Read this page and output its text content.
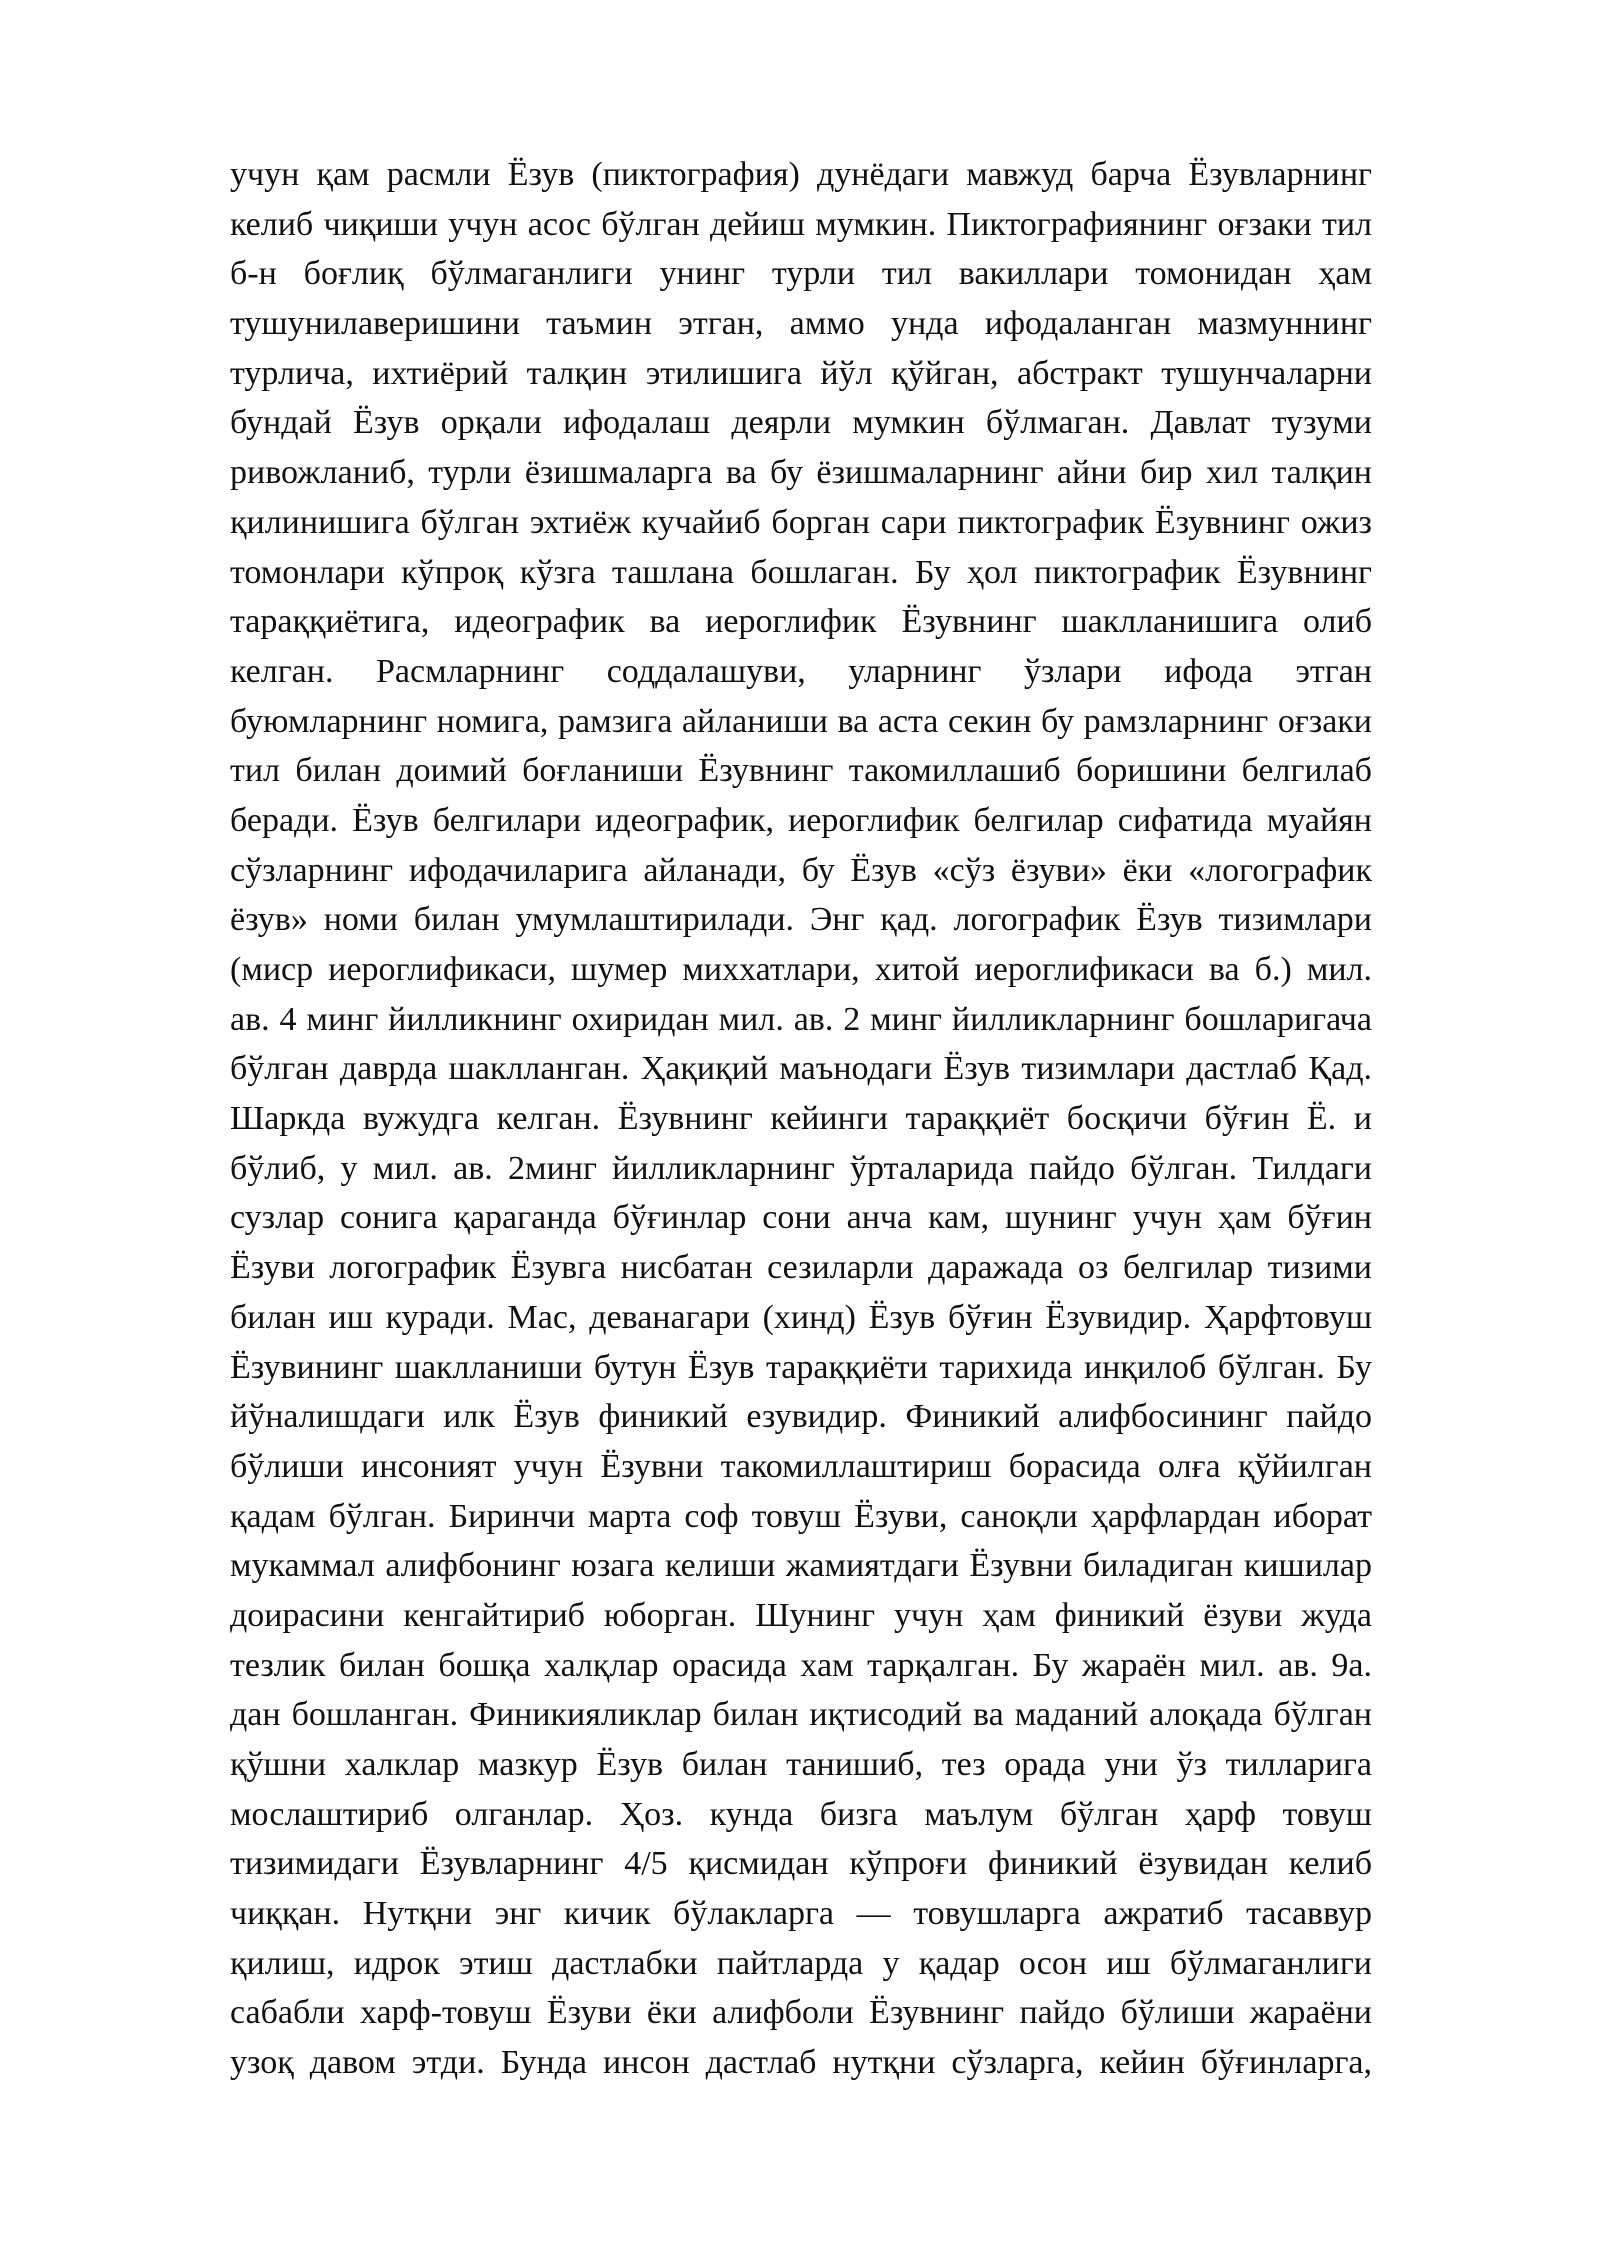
учун қам расмли Ёзув (пиктография) дунёдаги мавжуд барча Ёзувларнинг
келиб чиқиши учун асос бўлган дейиш мумкин. Пиктографиянинг оғзаки тил
б-н боғлиқ бўлмаганлиги унинг турли тил вакиллари томонидан ҳам
тушунилаверишини таъмин этган, аммо унда ифодаланган мазмуннинг
турлича, ихтиёрий талқин этилишига йўл қўйган, абстракт тушунчаларни
бундай Ёзув орқали ифодалаш деярли мумкин бўлмаган. Давлат тузуми
ривожланиб, турли ёзишмаларга ва бу ёзишмаларнинг айни бир хил талқин
қилинишига бўлган эхтиёж кучайиб борган сари пиктографик Ёзувнинг ожиз
томонлари кўпроқ кўзга ташлана бошлаган. Бу ҳол пиктографик Ёзувнинг
тараққиётига, идеографик ва иероглифик Ёзувнинг шаклланишига олиб
келган. Расмларнинг соддалашуви, уларнинг ўзлари ифода этган
буюмларнинг номига, рамзига айланиши ва аста секин бу рамзларнинг оғзаки
тил билан доимий боғланиши Ёзувнинг такомиллашиб боришини белгилаб
беради. Ёзув белгилари идеографик, иероглифик белгилар сифатида муайян
сўзларнинг ифодачиларига айланади, бу Ёзув «сўз ёзуви» ёки «логографик
ёзув» номи билан умумлаштирилади. Энг қад. логографик Ёзув тизимлари
(миср иероглификаси, шумер миххатлари, хитой иероглификаси ва б.) мил.
ав. 4 минг йилликнинг охиридан мил. ав. 2 минг йилликларнинг бошларигача
бўлган даврда шаклланган. Ҳақиқий маънодаги Ёзув тизимлари дастлаб Қад.
Шаркда вужудга келган. Ёзувнинг кейинги тараққиёт босқичи бўғин Ё. и
бўлиб, у мил. ав. 2минг йилликларнинг ўрталарида пайдо бўлган. Тилдаги
сузлар сонига қараганда бўғинлар сони анча кам, шунинг учун ҳам бўғин
Ёзуви логографик Ёзувга нисбатан сезиларли даражада оз белгилар тизими
билан иш куради. Мас, деванагари (хинд) Ёзув бўғин Ёзувидир. Ҳарфтовуш
Ёзувининг шаклланиши бутун Ёзув тараққиёти тарихида инқилоб бўлган. Бу
йўналишдаги илк Ёзув финикий езувидир. Финикий алифбосининг пайдо
бўлиши инсоният учун Ёзувни такомиллаштириш борасида олға қўйилган
қадам бўлган. Биринчи марта соф товуш Ёзуви, саноқли ҳарфлардан иборат
мукаммал алифбонинг юзага келиши жамиятдаги Ёзувни биладиган кишилар
доирасини кенгайтириб юборган. Шунинг учун ҳам финикий ёзуви жуда
тезлик билан бошқа халқлар орасида хам тарқалган. Бу жараён мил. ав. 9а.
дан бошланган. Финикияликлар билан иқтисодий ва маданий алоқада бўлган
қўшни халклар мазкур Ёзув билан танишиб, тез орада уни ўз тилларига
мослаштириб олганлар. Ҳоз. кунда бизга маълум бўлган ҳарф товуш
тизимидаги Ёзувларнинг 4/5 қисмидан кўпроғи финикий ёзувидан келиб
чиққан. Нутқни энг кичик бўлакларга — товушларга ажратиб тасаввур
қилиш, идрок этиш дастлабки пайтларда у қадар осон иш бўлмаганлиги
сабабли харф-товуш Ёзуви ёки алифболи Ёзувнинг пайдо бўлиши жараёни
узоқ давом этди. Бунда инсон дастлаб нутқни сўзларга, кейин бўғинларга,
